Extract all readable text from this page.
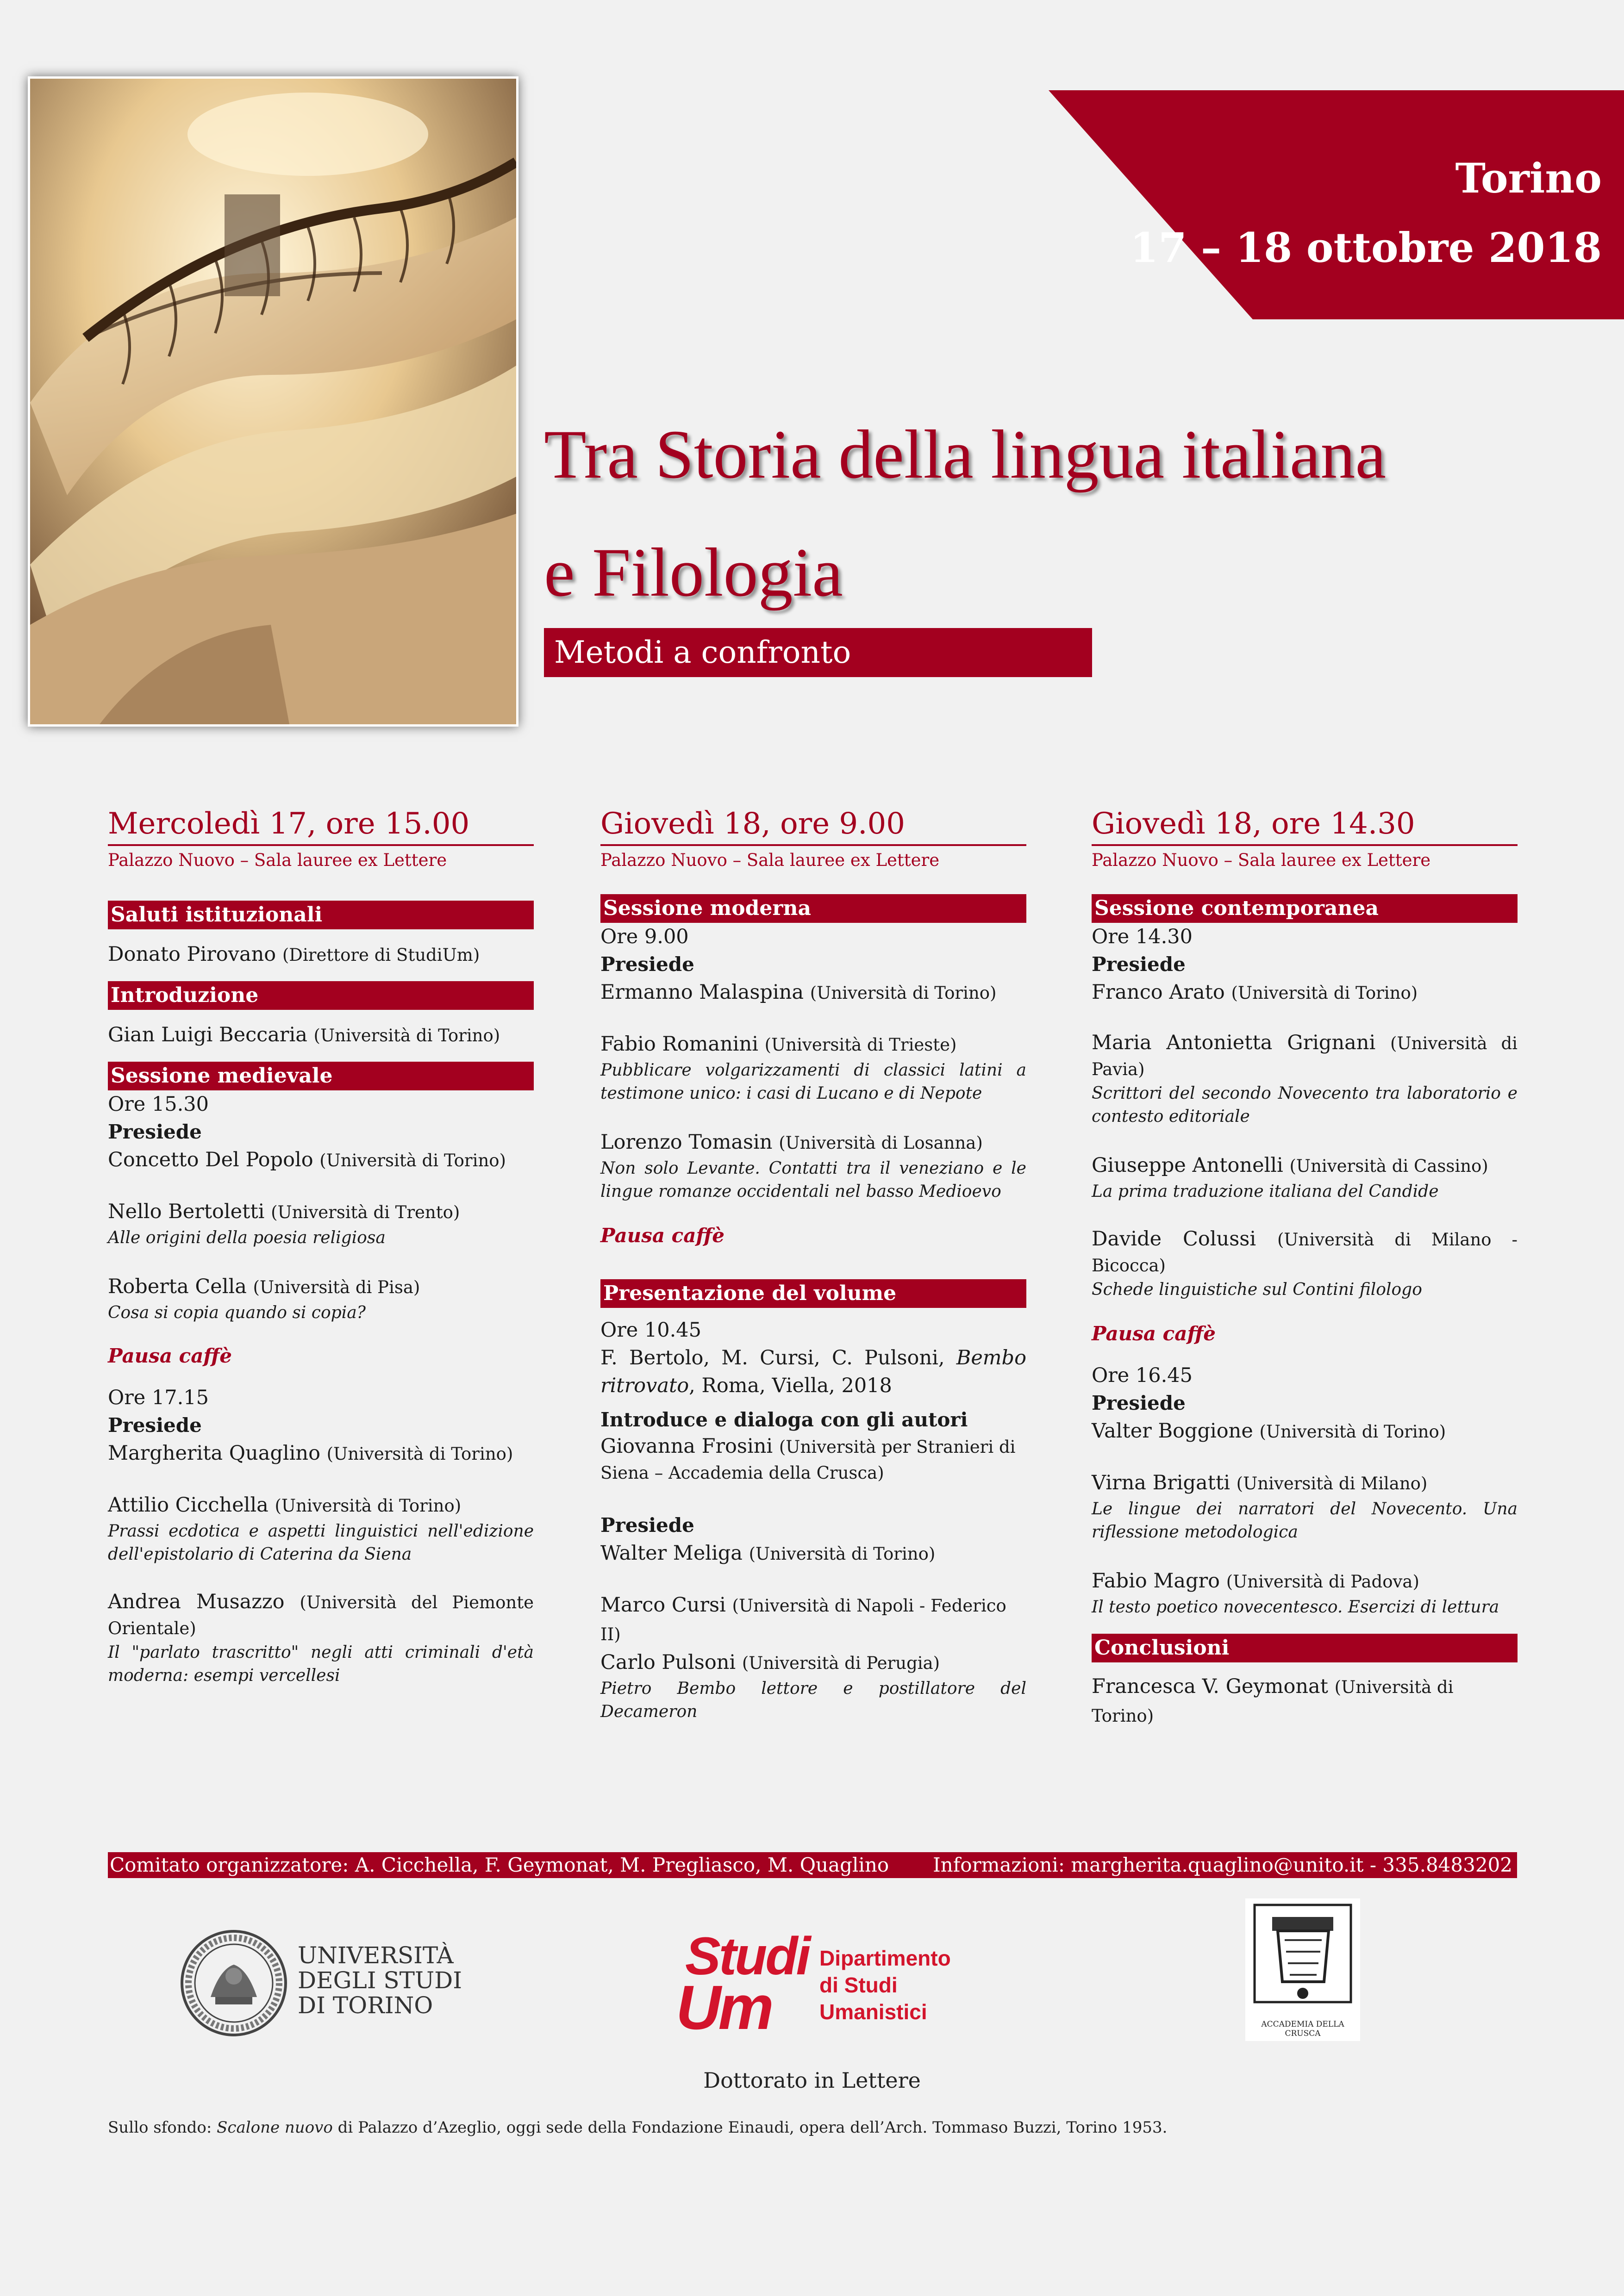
Torino
17 – 18 ottobre 2018
Tra Storia della lingua italiana
e Filologia
Metodi a confronto
Mercoledì 17, ore 15.00
Palazzo Nuovo – Sala lauree ex Lettere
Saluti istituzionali
Donato Pirovano (Direttore di StudiUm)
Introduzione
Gian Luigi Beccaria (Università di Torino)
Sessione medievale
Ore 15.30
Presiede
Concetto Del Popolo (Università di Torino)
Nello Bertoletti (Università di Trento)
Alle origini della poesia religiosa
Roberta Cella (Università di Pisa)
Cosa si copia quando si copia?
Pausa caffè
Ore 17.15
Presiede
Margherita Quaglino (Università di Torino)
Attilio Cicchella (Università di Torino)
Prassi ecdotica e aspetti linguistici nell'edizione dell'epistolario di Caterina da Siena
Andrea Musazzo (Università del Piemonte Orientale)
Il "parlato trascritto" negli atti criminali d'età moderna: esempi vercellesi
Giovedì 18, ore 9.00
Palazzo Nuovo – Sala lauree ex Lettere
Sessione moderna
Ore 9.00
Presiede
Ermanno Malaspina (Università di Torino)
Fabio Romanini (Università di Trieste)
Pubblicare volgarizzamenti di classici latini a testimone unico: i casi di Lucano e di Nepote
Lorenzo Tomasin (Università di Losanna)
Non solo Levante. Contatti tra il veneziano e le lingue romanze occidentali nel basso Medioevo
Pausa caffè
Presentazione del volume
Ore 10.45
F. Bertolo, M. Cursi, C. Pulsoni, Bembo ritrovato, Roma, Viella, 2018
Introduce e dialoga con gli autori
Giovanna Frosini (Università per Stranieri di Siena – Accademia della Crusca)
Presiede
Walter Meliga (Università di Torino)
Marco Cursi (Università di Napoli - Federico II)
Carlo Pulsoni (Università di Perugia)
Pietro Bembo lettore e postillatore del Decameron
Giovedì 18, ore 14.30
Palazzo Nuovo – Sala lauree ex Lettere
Sessione contemporanea
Ore 14.30
Presiede
Franco Arato (Università di Torino)
Maria Antonietta Grignani (Università di Pavia)
Scrittori del secondo Novecento tra laboratorio e contesto editoriale
Giuseppe Antonelli (Università di Cassino)
La prima traduzione italiana del Candide
Davide Colussi (Università di Milano - Bicocca)
Schede linguistiche sul Contini filologo
Pausa caffè
Ore 16.45
Presiede
Valter Boggione (Università di Torino)
Virna Brigatti (Università di Milano)
Le lingue dei narratori del Novecento. Una riflessione metodologica
Fabio Magro (Università di Padova)
Il testo poetico novecentesco. Esercizi di lettura
Conclusioni
Francesca V. Geymonat (Università di Torino)
Comitato organizzatore: A. Cicchella, F. Geymonat, M. Pregliasco, M. Quaglino Informazioni: margherita.quaglino@unito.it - 335.8483202
UNIVERSITÀ
DEGLI STUDI
DI TORINO
Studi
Um
Dipartimento
di Studi
Umanistici
ACCADEMIA DELLA CRUSCA
Dottorato in Lettere
Sullo sfondo: Scalone nuovo di Palazzo d’Azeglio, oggi sede della Fondazione Einaudi, opera dell’Arch. Tommaso Buzzi, Torino 1953.
